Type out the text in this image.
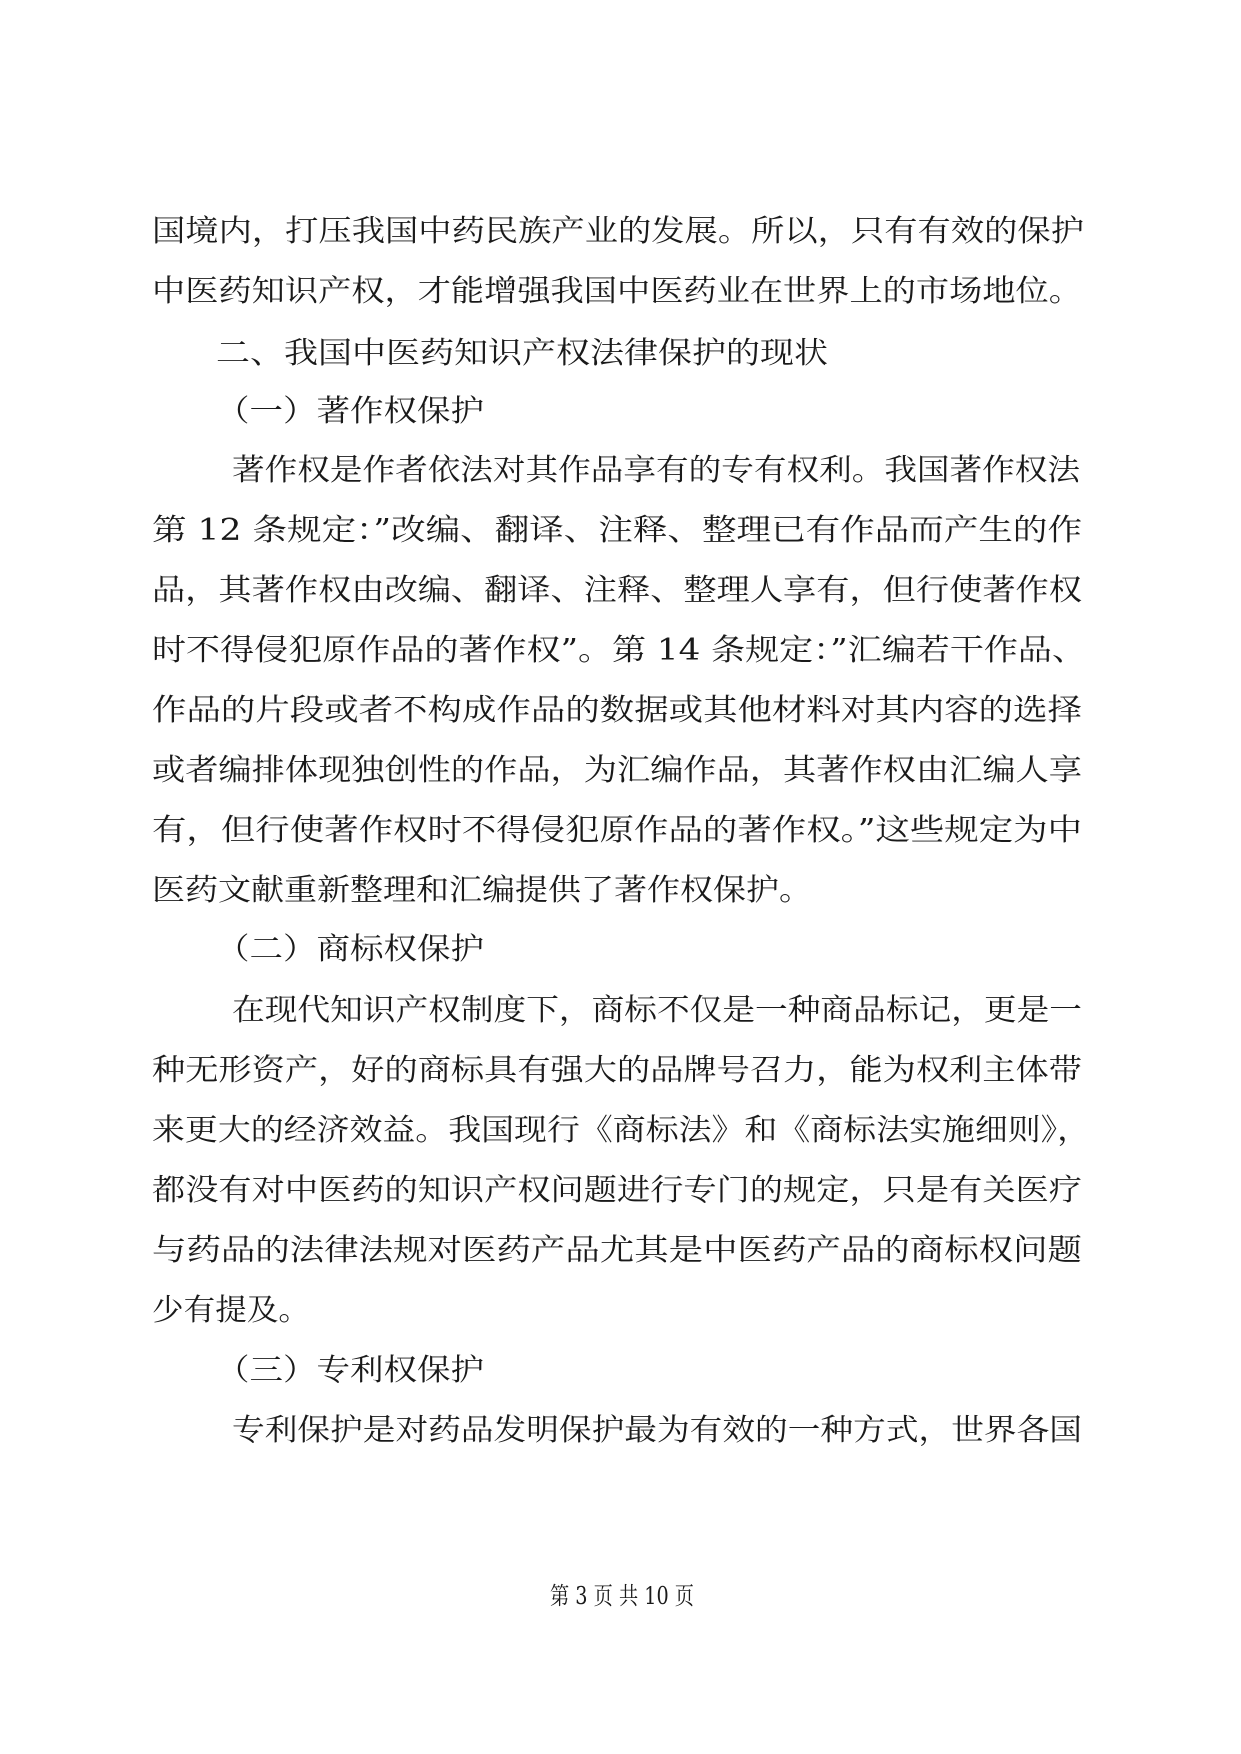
国境内，打压我国中药民族产业的发展。所以，只有有效的保护
中医药知识产权，才能增强我国中医药业在世界上的市场地位。
二、我国中医药知识产权法律保护的现状
（一）著作权保护
著作权是作者依法对其作品享有的专有权利。我国著作权法
第 12 条规定：”改编、翻译、注释、整理已有作品而产生的作
品，其著作权由改编、翻译、注释、整理人享有，但行使著作权
时不得侵犯原作品的著作权”。第 14 条规定：”汇编若干作品、
作品的片段或者不构成作品的数据或其他材料对其内容的选择
或者编排体现独创性的作品，为汇编作品，其著作权由汇编人享
有，但行使著作权时不得侵犯原作品的著作权。”这些规定为中
医药文献重新整理和汇编提供了著作权保护。
（二）商标权保护
在现代知识产权制度下，商标不仅是一种商品标记，更是一
种无形资产，好的商标具有强大的品牌号召力，能为权利主体带
来更大的经济效益。我国现行《商标法》和《商标法实施细则》，
都没有对中医药的知识产权问题进行专门的规定，只是有关医疗
与药品的法律法规对医药产品尤其是中医药产品的商标权问题
少有提及。
（三）专利权保护
专利保护是对药品发明保护最为有效的一种方式，世界各国
第 3 页 共 10 页
